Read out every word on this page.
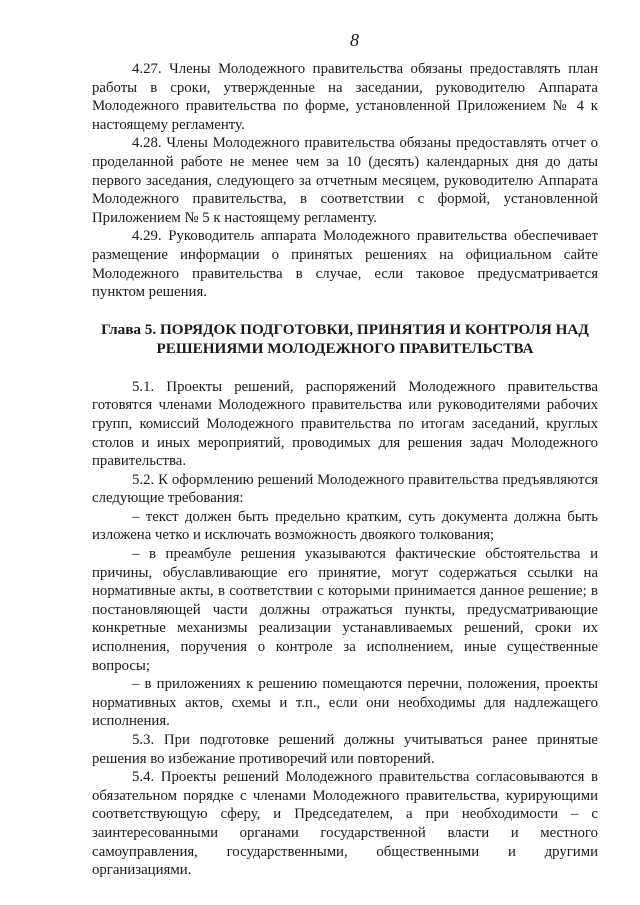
8

4.27. Члены Молодежного правительства обязаны предоставлять план работы в сроки, утвержденные на заседании, руководителю Аппарата Молодежного правительства по форме, установленной Приложением № 4 к настоящему регламенту.

4.28. Члены Молодежного правительства обязаны предоставлять отчет о проделанной работе не менее чем за 10 (десять) календарных дня до даты первого заседания, следующего за отчетным месяцем, руководителю Аппарата Молодежного правительства, в соответствии с формой, установленной Приложением № 5 к настоящему регламенту.

4.29. Руководитель аппарата Молодежного правительства обеспечивает размещение информации о принятых решениях на официальном сайте Молодежного правительства в случае, если таковое предусматривается пунктом решения.

Глава 5. ПОРЯДОК ПОДГОТОВКИ, ПРИНЯТИЯ И КОНТРОЛЯ НАД
РЕШЕНИЯМИ МОЛОДЕЖНОГО ПРАВИТЕЛЬСТВА

5.1. Проекты решений, распоряжений Молодежного правительства готовятся членами Молодежного правительства или руководителями рабочих групп, комиссий Молодежного правительства по итогам заседаний, круглых столов и иных мероприятий, проводимых для решения задач Молодежного правительства.

5.2. К оформлению решений Молодежного правительства предъявляются следующие требования:

– текст должен быть предельно кратким, суть документа должна быть изложена четко и исключать возможность двоякого толкования;

– в преамбуле решения указываются фактические обстоятельства и причины, обуславливающие его принятие, могут содержаться ссылки на нормативные акты, в соответствии с которыми принимается данное решение; в постановляющей части должны отражаться пункты, предусматривающие конкретные механизмы реализации устанавливаемых решений, сроки их исполнения, поручения о контроле за исполнением, иные существенные вопросы;

– в приложениях к решению помещаются перечни, положения, проекты нормативных актов, схемы и т.п., если они необходимы для надлежащего исполнения.

5.3. При подготовке решений должны учитываться ранее принятые решения во избежание противоречий или повторений.

5.4. Проекты решений Молодежного правительства согласовываются в обязательном порядке с членами Молодежного правительства, курирующими соответствующую сферу, и Председателем, а при необходимости – с заинтересованными органами государственной власти и местного самоуправления, государственными, общественными и другими организациями.
